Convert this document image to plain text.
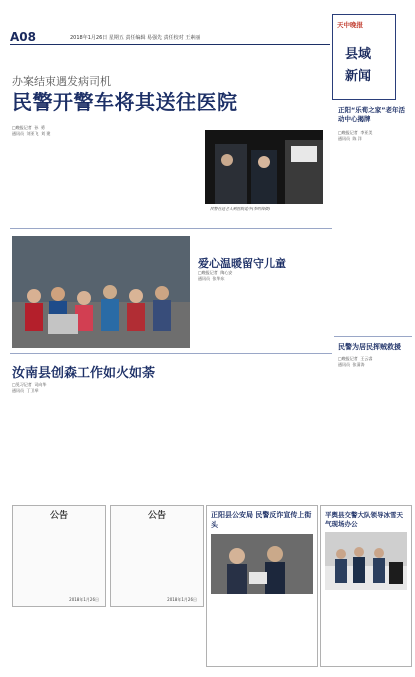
A08	2018年1月26日 星期五 责任编辑 易强先 责任校对 王素丽
天中晚报
县域
新闻
办案结束遇发病司机
民警开警车将其送往医院
□晚报记者  孙  勇
通讯员  刘亚飞  刘 建
民警在送老人到医院途中(李明锋摄)
爱心温暖留守儿童
□晚报记者  陶心安
通讯员  张华东
汝南县创森工作如火如荼
□见习记者  司向华
通讯员  丁卫举
公告
2018年1月26日
公告
2018年1月26日
正阳县公安局 民警反诈宣传上街头
正阳“乐荀之家”老年活动中心揭牌
□晚报记者  李亚美
通讯员  陈 洋
民警为居民挥贼救援
□晚报记者  王云睿
通讯员  张清涛
平舆县交警大队领导冰雪天气现场办公
